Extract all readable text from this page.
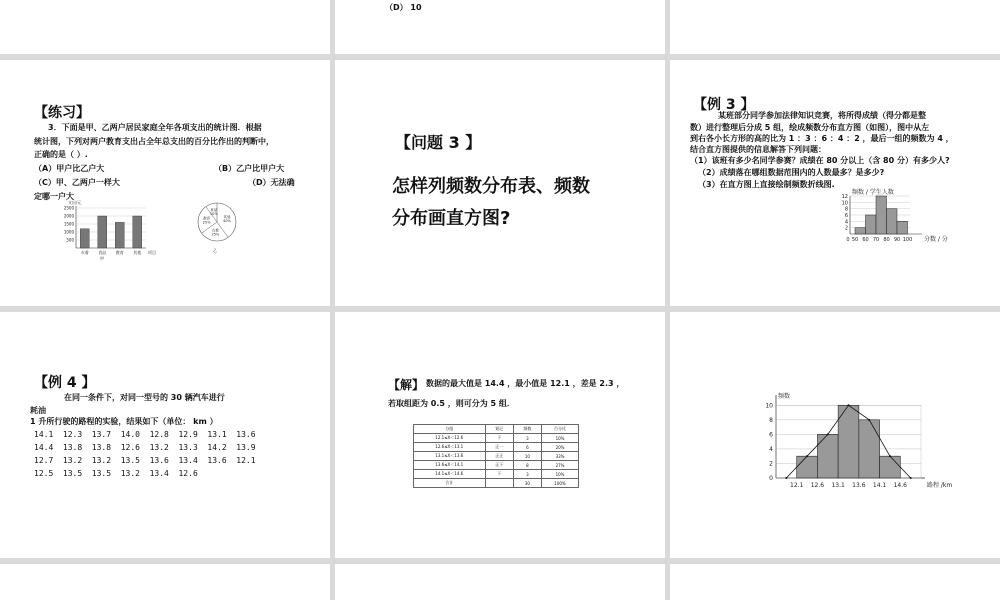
（D） 10
【练习】
3．下面是甲、乙两户居民家庭全年各项支出的统计图．根据
统计图，下列对两户教育支出占全年总支出的百分比作出的判断中，
正确的是（ ）.
（A）甲户比乙户大	（B）乙户比甲户大
（C）甲、乙两户一样大	（D）无法确
定哪一户大
支出/元
2500
2000
1500
1000
500
衣着 食品 教育 其他 项目
甲
其他
40%
衣着
25%
教育
25%
食品
10%
乙
【问题 3 】
怎样列频数分布表、频数
分布画直方图?
【例 3 】
某班部分同学参加法律知识竞赛，将所得成绩（得分都是整
数）进行整理后分成 5 组，绘成频数分布直方图（如图），图中从左
到右各小长方形的高的比为 1 ：3 ：6 ：4 ：2 ，最后一组的频数为 4 ，
结合直方图提供的信息解答下列问题：
（1）该班有多少名同学参赛？成绩在 80 分以上（含 80 分）有多少人?
（2）成绩落在哪组数据范围内的人数最多？是多少?
（3）在直方图上直接绘制频数折线图.
频数 / 学生人数
2
4
6
8
10
12
0 50 60 70 80 90 100 分数 / 分
【例 4 】
在同一条件下，对同一型号的 30 辆汽车进行
耗油
1 升所行驶的路程的实验，结果如下（单位： km ）
14.1  12.3  13.7  14.0  12.8  12.9  13.1  13.6
14.4  13.8  13.8  12.6  13.2  13.3  14.2  13.9
12.7  13.2  13.2  13.5  13.6  13.4  13.6  12.1
12.5  13.5  13.5  13.2  13.4  12.6
【解】 数据的最大值是 14.4 ，最小值是 12.1 ，差是 2.3 ，
若取组距为 0.5 ，则可分为 5 组．
分组	划记	频数	百分比
12.1≤X＜12.6	下	3	10%
12.6≤X＜13.1	正一	6	20%
13.1≤X＜13.6	正正	10	33%
13.6≤X＜14.1	正下	8	27%
14.1≤X＜14.6	下	3	10%
合计		30	100%
频数
0
2
4
6
8
10
12.1 12.6 13.1 13.6 14.1 14.6	路程 /km
